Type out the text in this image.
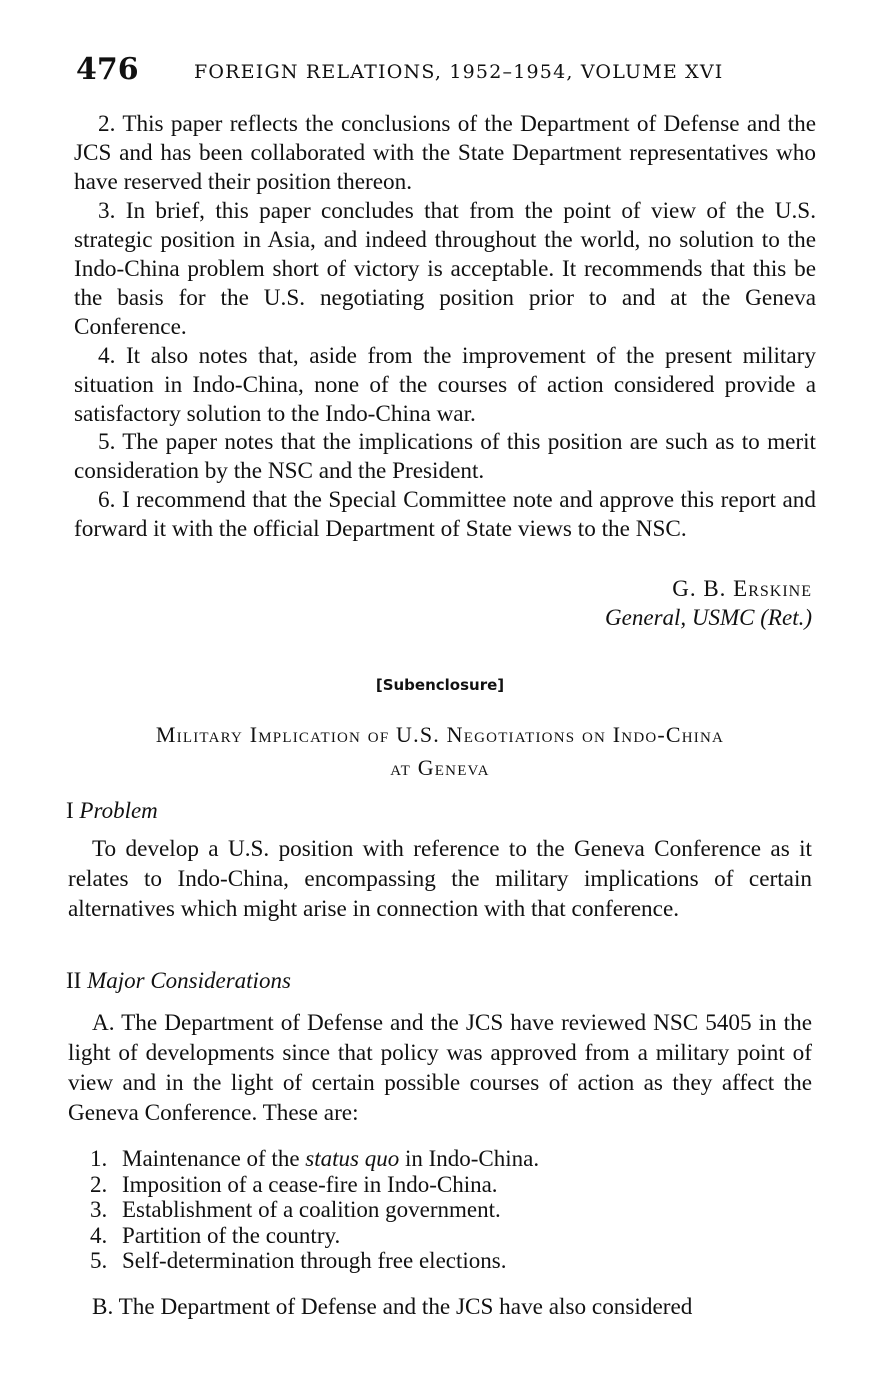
476	FOREIGN RELATIONS, 1952–1954, VOLUME XVI

2. This paper reflects the conclusions of the Department of Defense and the JCS and has been collaborated with the State Department representatives who have reserved their position thereon.

3. In brief, this paper concludes that from the point of view of the U.S. strategic position in Asia, and indeed throughout the world, no solution to the Indo-China problem short of victory is acceptable. It recommends that this be the basis for the U.S. negotiating position prior to and at the Geneva Conference.

4. It also notes that, aside from the improvement of the present military situation in Indo-China, none of the courses of action considered provide a satisfactory solution to the Indo-China war.

5. The paper notes that the implications of this position are such as to merit consideration by the NSC and the President.

6. I recommend that the Special Committee note and approve this report and forward it with the official Department of State views to the NSC.

G. B. Erskine
General, USMC (Ret.)
[Subenclosure]
Military Implication of U.S. Negotiations on Indo-China
at Geneva
I Problem

To develop a U.S. position with reference to the Geneva Conference as it relates to Indo-China, encompassing the military implications of certain alternatives which might arise in connection with that conference.

II Major Considerations

A. The Department of Defense and the JCS have reviewed NSC 5405 in the light of developments since that policy was approved from a military point of view and in the light of certain possible courses of action as they affect the Geneva Conference. These are:

1. Maintenance of the status quo in Indo-China.
2. Imposition of a cease-fire in Indo-China.
3. Establishment of a coalition government.
4. Partition of the country.
5. Self-determination through free elections.

B. The Department of Defense and the JCS have also considered
